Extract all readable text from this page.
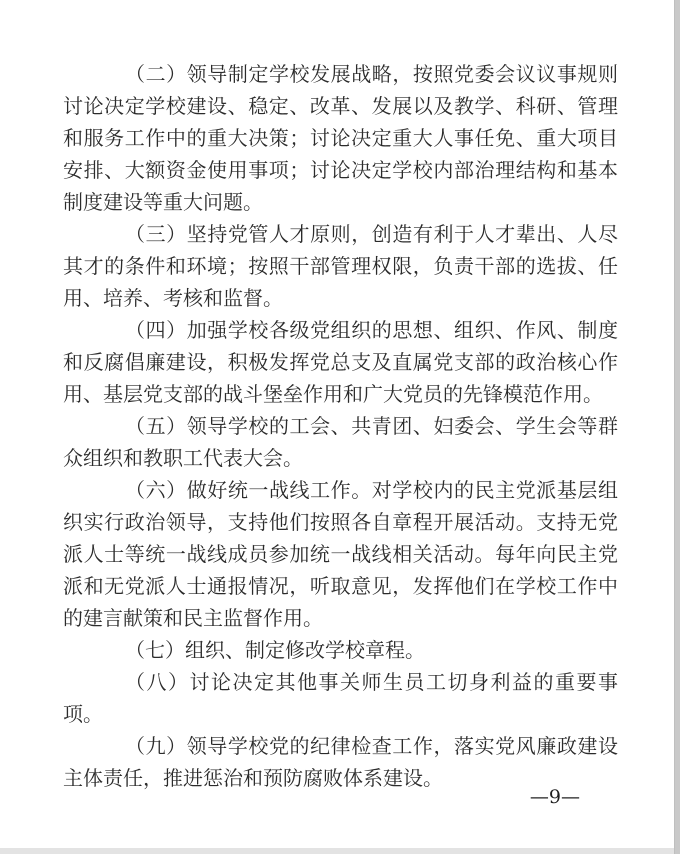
（二）领导制定学校发展战略，按照党委会议议事规则讨论决定学校建设、稳定、改革、发展以及教学、科研、管理和服务工作中的重大决策；讨论决定重大人事任免、重大项目安排、大额资金使用事项；讨论决定学校内部治理结构和基本制度建设等重大问题。

（三）坚持党管人才原则，创造有利于人才辈出、人尽其才的条件和环境；按照干部管理权限，负责干部的选拔、任用、培养、考核和监督。

（四）加强学校各级党组织的思想、组织、作风、制度和反腐倡廉建设，积极发挥党总支及直属党支部的政治核心作用、基层党支部的战斗堡垒作用和广大党员的先锋模范作用。

（五）领导学校的工会、共青团、妇委会、学生会等群众组织和教职工代表大会。

（六）做好统一战线工作。对学校内的民主党派基层组织实行政治领导，支持他们按照各自章程开展活动。支持无党派人士等统一战线成员参加统一战线相关活动。每年向民主党派和无党派人士通报情况，听取意见，发挥他们在学校工作中的建言献策和民主监督作用。

（七）组织、制定修改学校章程。

（八）讨论决定其他事关师生员工切身利益的重要事项。

（九）领导学校党的纪律检查工作，落实党风廉政建设主体责任，推进惩治和预防腐败体系建设。

—9—
